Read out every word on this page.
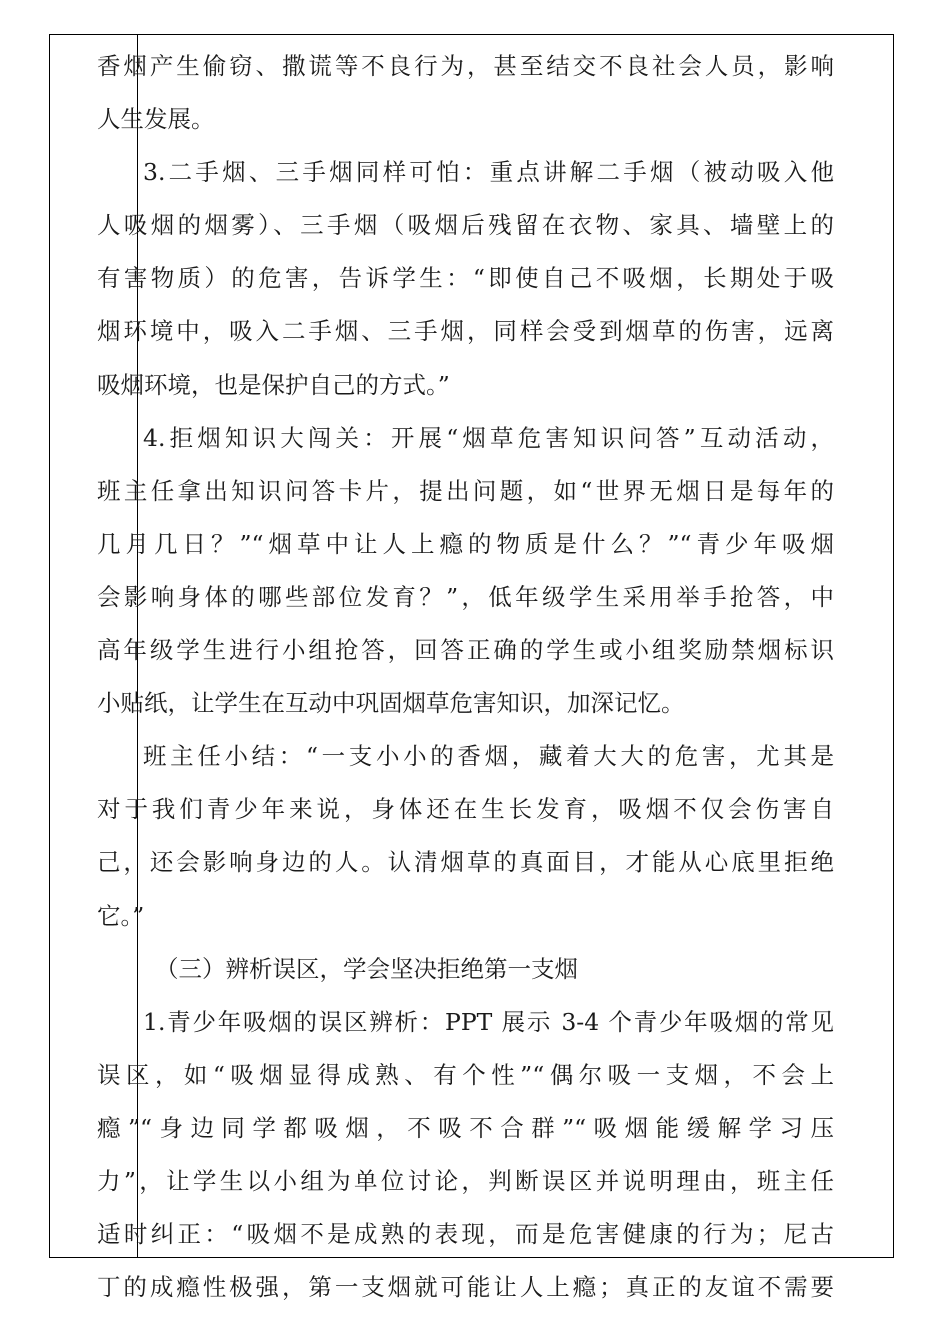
香烟产生偷窃、撒谎等不良行为，甚至结交不良社会人员，影响
人生发展。
3.二手烟、三手烟同样可怕：重点讲解二手烟（被动吸入他
人吸烟的烟雾）、三手烟（吸烟后残留在衣物、家具、墙壁上的
有害物质）的危害，告诉学生：“即使自己不吸烟，长期处于吸
烟环境中，吸入二手烟、三手烟，同样会受到烟草的伤害，远离
吸烟环境，也是保护自己的方式。”
4.拒烟知识大闯关：开展“烟草危害知识问答”互动活动，
班主任拿出知识问答卡片，提出问题，如“世界无烟日是每年的
几月几日？”“烟草中让人上瘾的物质是什么？”“青少年吸烟
会影响身体的哪些部位发育？”，低年级学生采用举手抢答，中
高年级学生进行小组抢答，回答正确的学生或小组奖励禁烟标识
小贴纸，让学生在互动中巩固烟草危害知识，加深记忆。
班主任小结：“一支小小的香烟，藏着大大的危害，尤其是
对于我们青少年来说，身体还在生长发育，吸烟不仅会伤害自
己，还会影响身边的人。认清烟草的真面目，才能从心底里拒绝
它。”
（三）辨析误区，学会坚决拒绝第一支烟
1.青少年吸烟的误区辨析：PPT 展示 3-4 个青少年吸烟的常见
误区，如“吸烟显得成熟、有个性”“偶尔吸一支烟，不会上
瘾”“身边同学都吸烟，不吸不合群”“吸烟能缓解学习压
力”，让学生以小组为单位讨论，判断误区并说明理由，班主任
适时纠正：“吸烟不是成熟的表现，而是危害健康的行为；尼古
丁的成瘾性极强，第一支烟就可能让人上瘾；真正的友谊不需要
